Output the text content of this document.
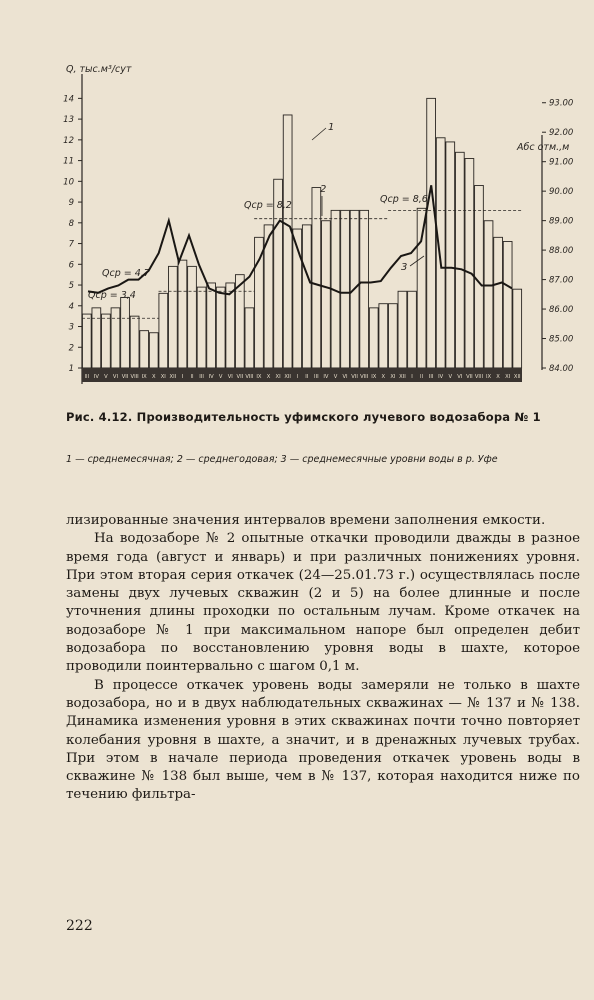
Q, тыс.м³/сут
Абс отм.,м
1
2
3
4
5
6
7
8
9
10
11
12
13
14
84.00
85.00
86.00
87.00
88.00
89.00
90.00
91.00
92.00
93.00
III IV V VI VII VIII IX X XI XII I II III IV V VI VII VIII IX X XI XII I II III IV V VI VII VIII IX X XI XII I II III IV V VI VII VIII IX X XI XII
Qср = 3,4
Qср = 4,7
Qср = 8,2
Qср = 8,6
1
2
3
Рис. 4.12. Производительность уфимского лучевого водозабора № 1
1 — среднемесячная; 2 — среднегодовая; 3 — среднемесячные уровни воды в р. Уфе

лизированные значения интервалов времени заполнения емкости.

На водозаборе № 2 опытные откачки проводили дважды в разное время года (август и январь) и при различных понижениях уровня. При этом вторая серия откачек (24—25.01.73 г.) осуществлялась после замены двух лучевых скважин (2 и 5) на более длинные и после уточнения длины проходки по остальным лучам. Кроме откачек на водозаборе № 1 при максимальном напоре был определен дебит водозабора по восстановлению уровня воды в шахте, которое проводили поинтервально с шагом 0,1 м.

В процессе откачек уровень воды замеряли не только в шахте водозабора, но и в двух наблюдательных скважинах — № 137 и № 138. Динамика изменения уровня в этих скважинах почти точно повторяет колебания уровня в шахте, а значит, и в дренажных лучевых трубах. При этом в начале периода проведения откачек уровень воды в скважине № 138 был выше, чем в № 137, которая находится ниже по течению фильтра-

222
